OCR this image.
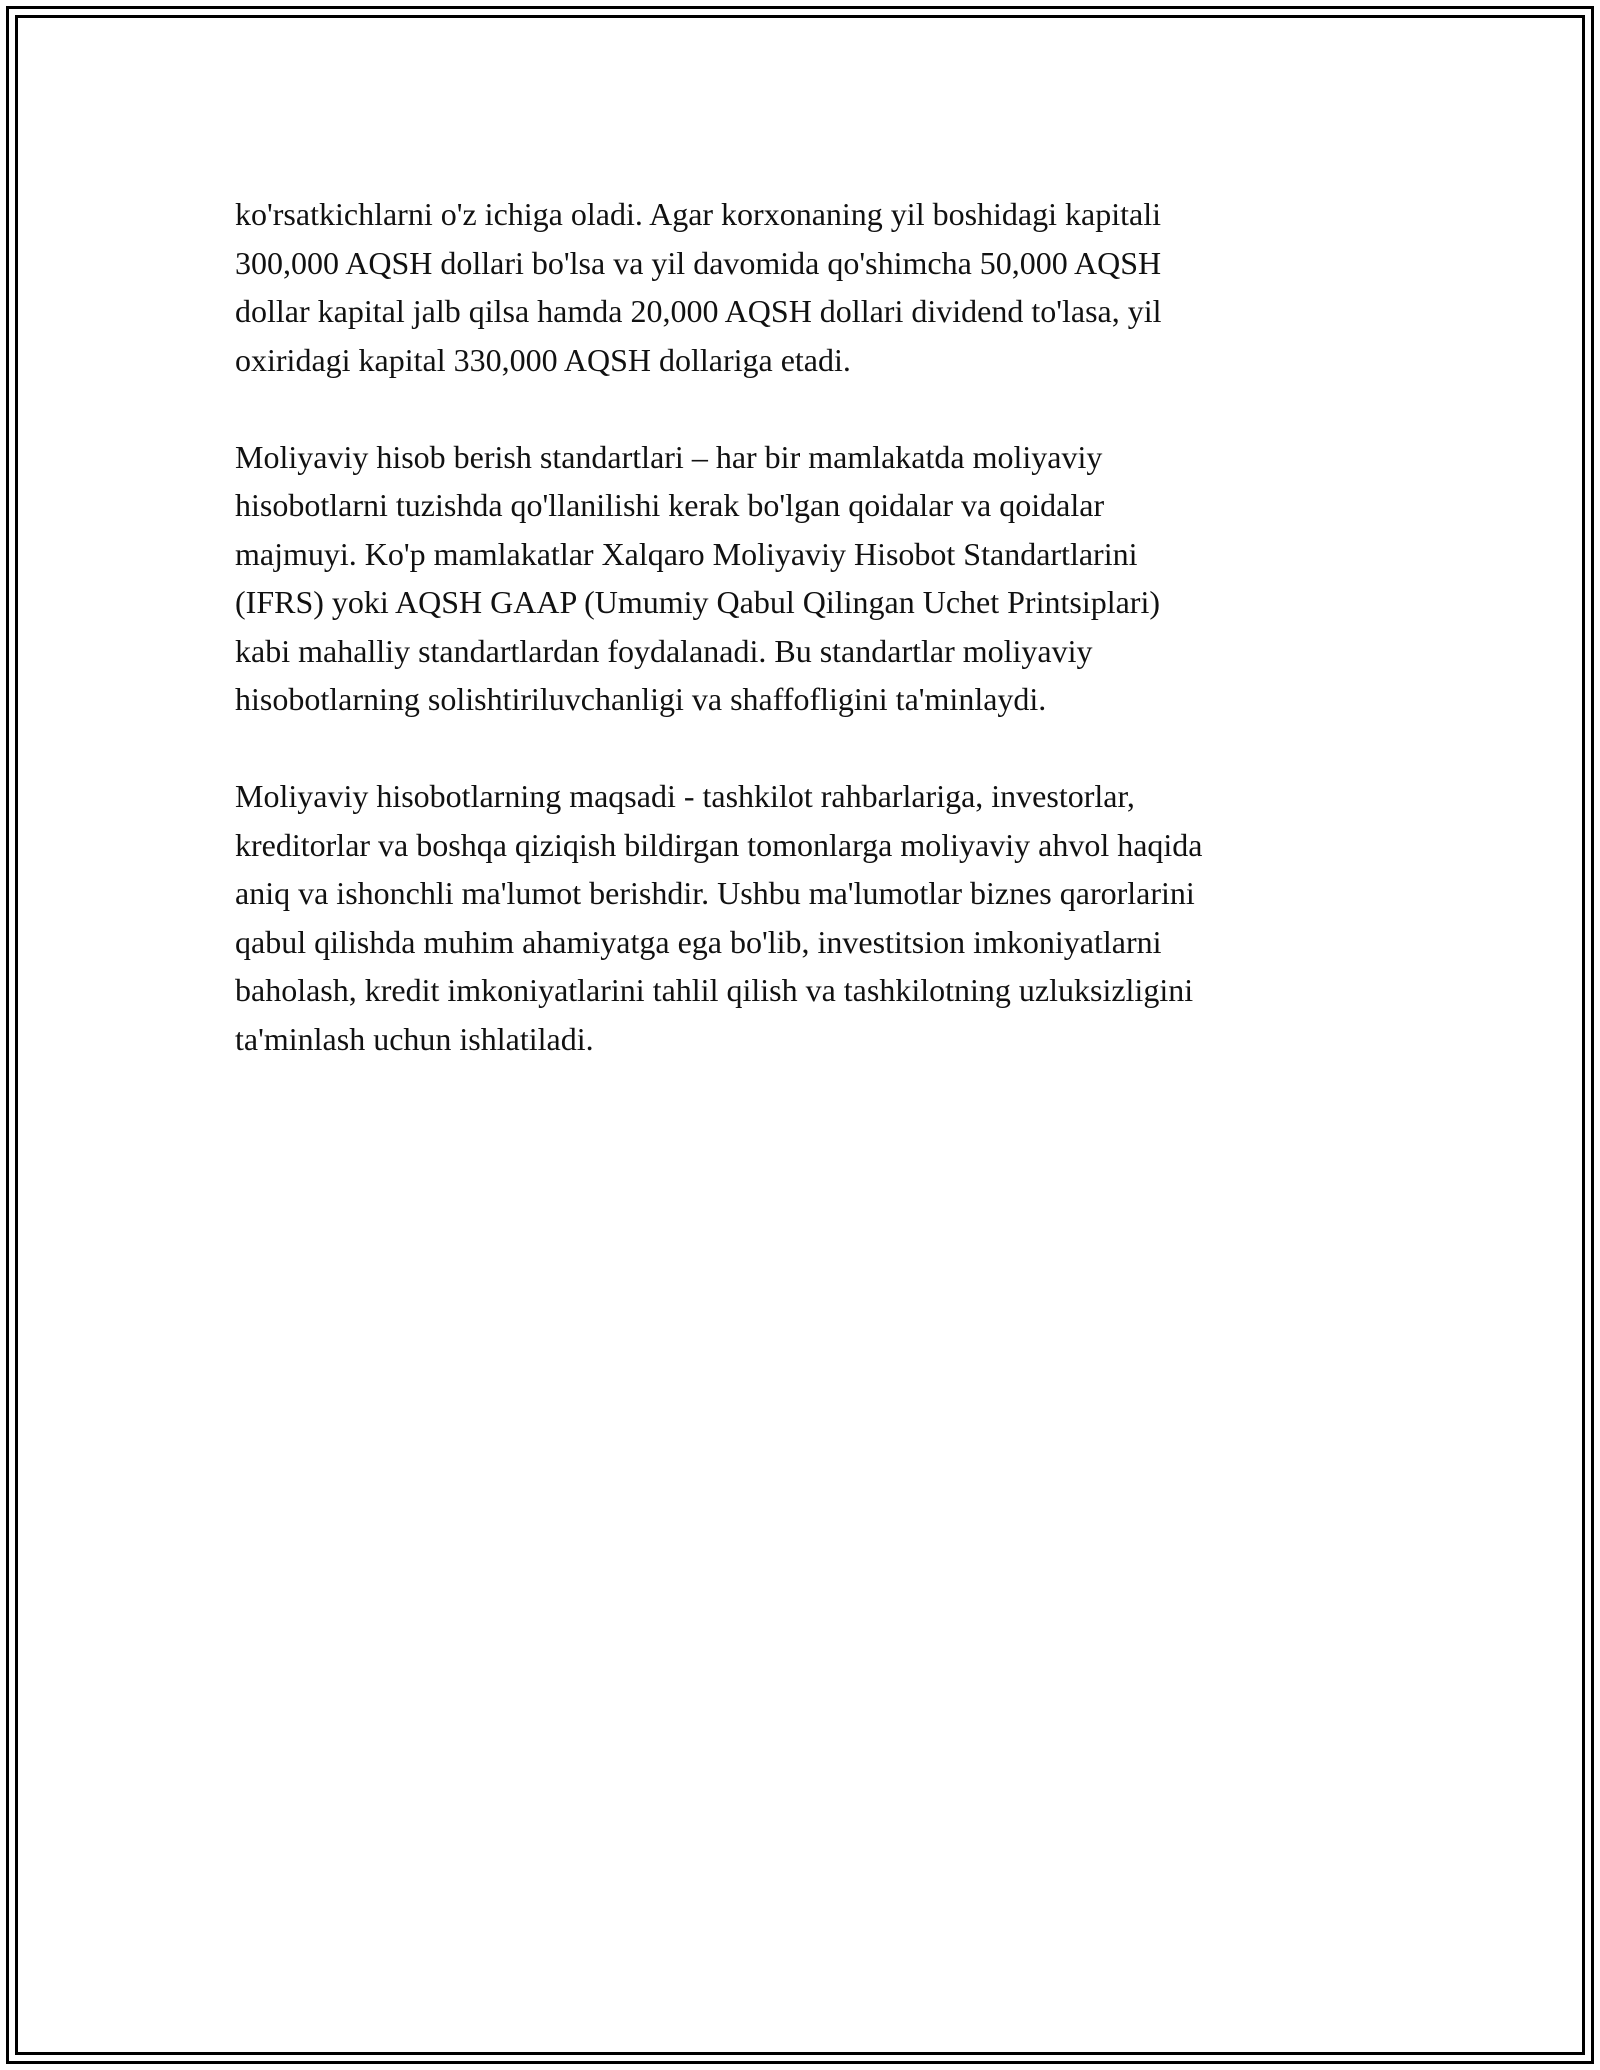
ko'rsatkichlarni o'z ichiga oladi. Agar korxonaning yil boshidagi kapitali
300,000 AQSH dollari bo'lsa va yil davomida qo'shimcha 50,000 AQSH
dollar kapital jalb qilsa hamda 20,000 AQSH dollari dividend to'lasa, yil
oxiridagi kapital 330,000 AQSH dollariga etadi.

Moliyaviy hisob berish standartlari – har bir mamlakatda moliyaviy
hisobotlarni tuzishda qo'llanilishi kerak bo'lgan qoidalar va qoidalar
majmuyi. Ko'p mamlakatlar Xalqaro Moliyaviy Hisobot Standartlarini
(IFRS) yoki AQSH GAAP (Umumiy Qabul Qilingan Uchet Printsiplari)
kabi mahalliy standartlardan foydalanadi. Bu standartlar moliyaviy
hisobotlarning solishtiriluvchanligi va shaffofligini ta'minlaydi.

Moliyaviy hisobotlarning maqsadi - tashkilot rahbarlariga, investorlar,
kreditorlar va boshqa qiziqish bildirgan tomonlarga moliyaviy ahvol haqida
aniq va ishonchli ma'lumot berishdir. Ushbu ma'lumotlar biznes qarorlarini
qabul qilishda muhim ahamiyatga ega bo'lib, investitsion imkoniyatlarni
baholash, kredit imkoniyatlarini tahlil qilish va tashkilotning uzluksizligini
ta'minlash uchun ishlatiladi.
